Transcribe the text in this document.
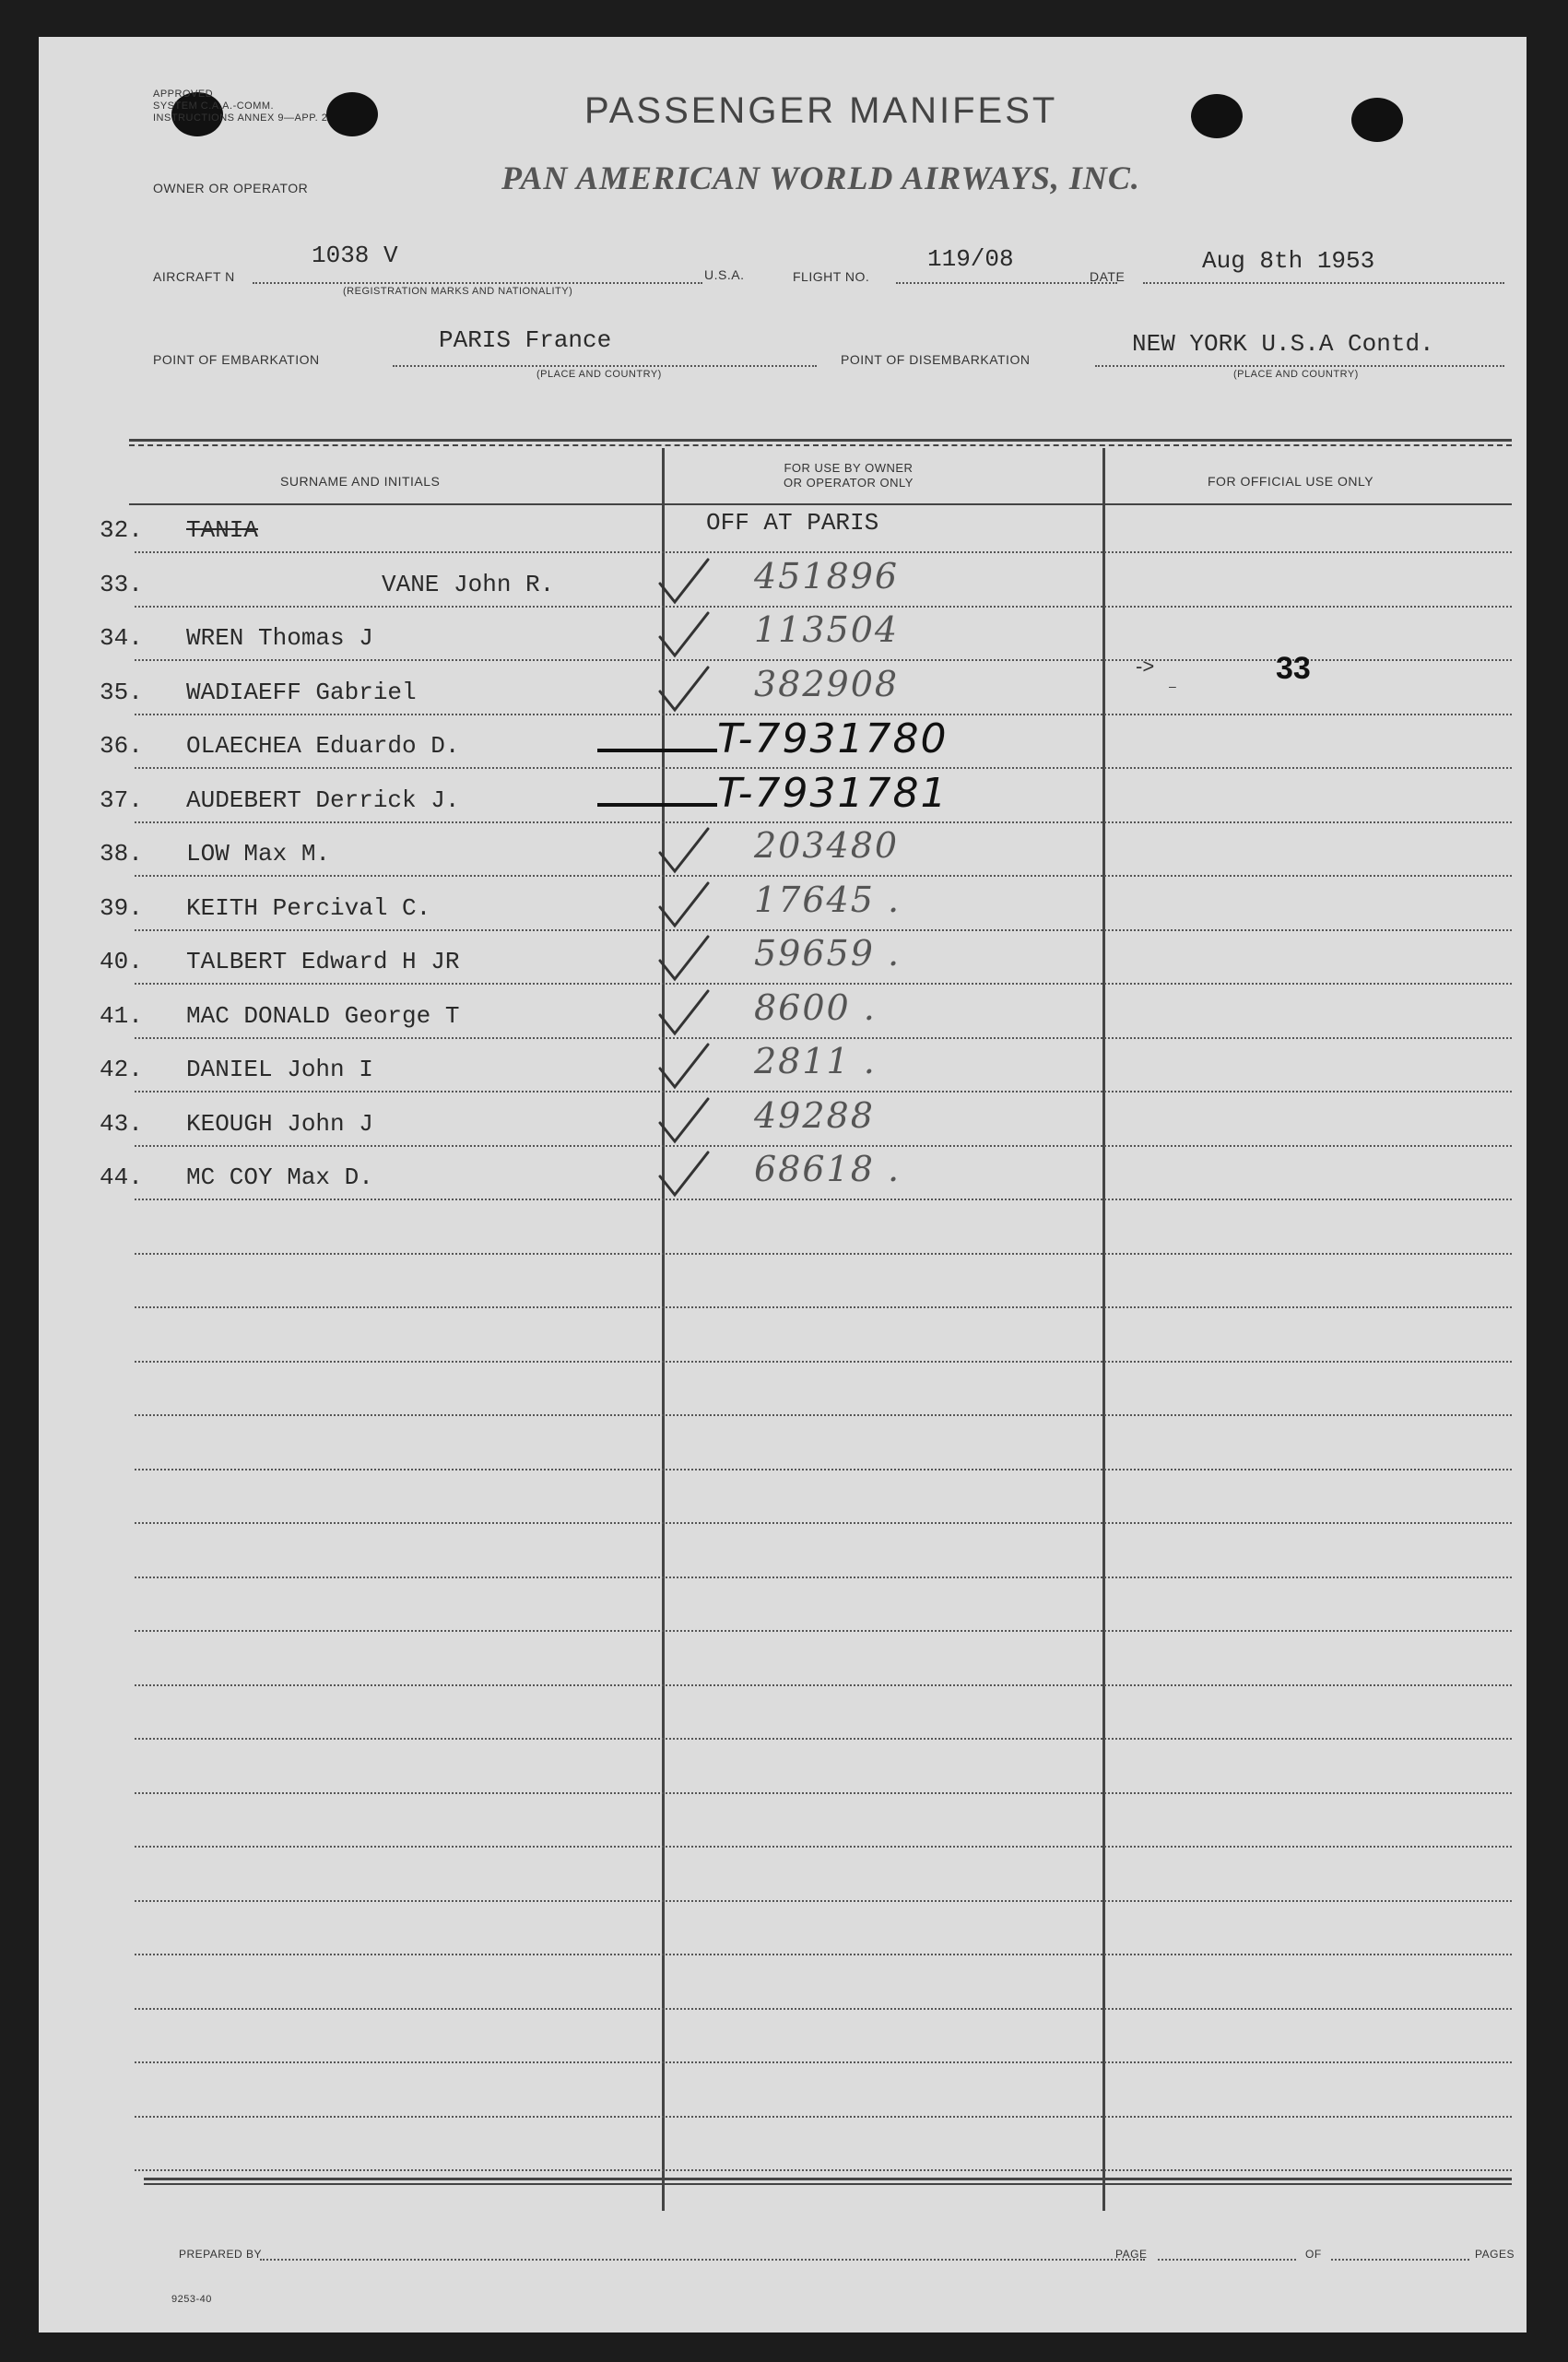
APPROVED
SYSTEM C.A.A.-COMM.
INSTRUCTIONS ANNEX 9—APP. 2	PASSENGER MANIFEST
OWNER OR OPERATOR	PAN AMERICAN WORLD AIRWAYS, INC.
AIRCRAFT N
1038 V
(REGISTRATION MARKS AND NATIONALITY)
U.S.A.	FLIGHT NO.
119/08
DATE
Aug 8th 1953
POINT OF EMBARKATION
PARIS France
(PLACE AND COUNTRY)
POINT OF DISEMBARKATION
NEW YORK U.S.A Contd.
(PLACE AND COUNTRY)
SURNAME AND INITIALS
FOR USE BY OWNER
OR OPERATOR ONLY	FOR OFFICIAL USE ONLY
32. TANIA	OFF AT PARIS
33.	VANE John R.	451896
34. WREN Thomas J	113504
35. WADIAEFF Gabriel	382908
36. OLAECHEA Eduardo D.	T-7931780
37. AUDEBERT Derrick J.	T-7931781
38. LOW Max M.	203480
39. KEITH Percival C.	17645 .
40. TALBERT Edward H JR	59659 .
41. MAC DONALD George T	8600 .
42. DANIEL John I	2811 .
43. KEOUGH John J	49288
44. MC COY Max D.	68618 .
->
–	33
PREPARED BY	PAGE	OF	PAGES
9253-40
